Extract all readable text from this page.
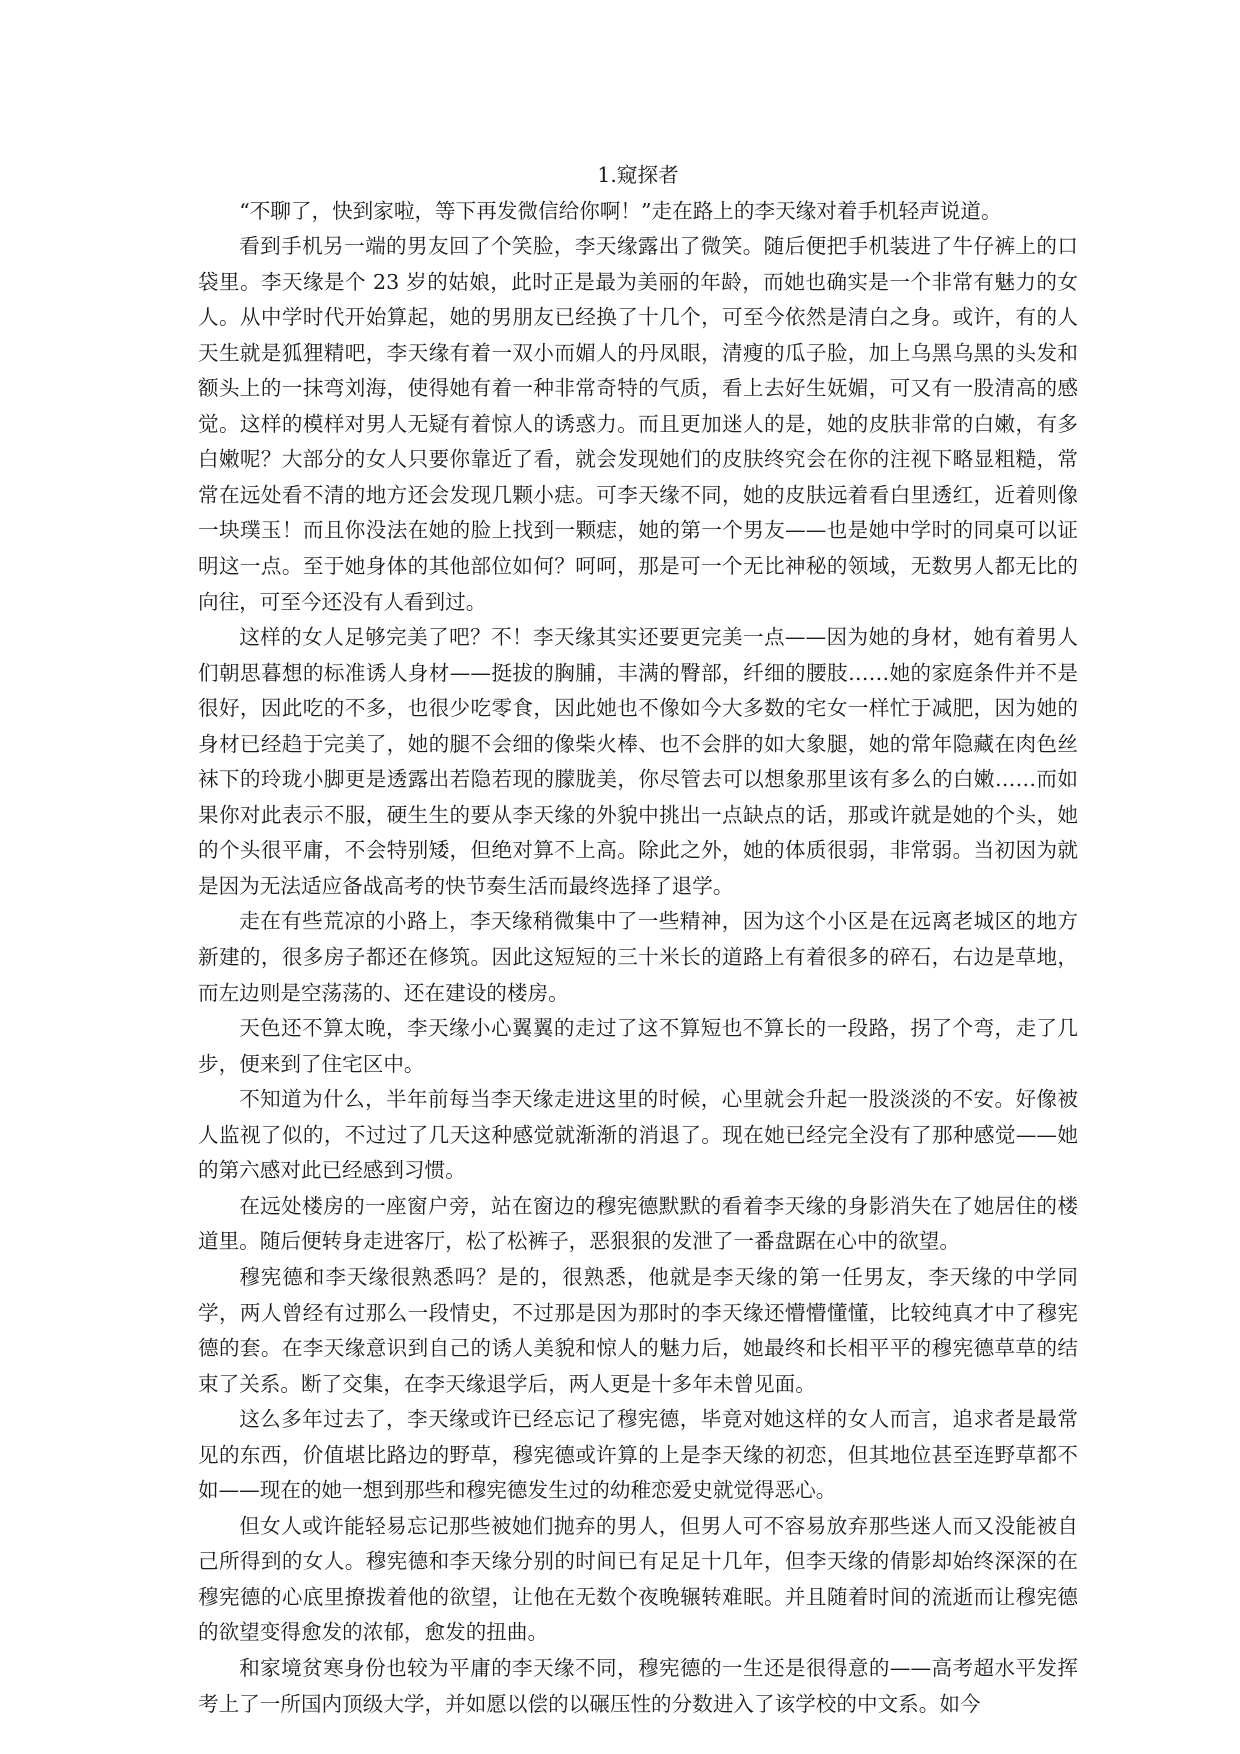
1.窥探者

“不聊了，快到家啦，等下再发微信给你啊！”走在路上的李天缘对着手机轻声说道。

看到手机另一端的男友回了个笑脸，李天缘露出了微笑。随后便把手机装进了牛仔裤上的口袋里。李天缘是个 23 岁的姑娘，此时正是最为美丽的年龄，而她也确实是一个非常有魅力的女人。从中学时代开始算起，她的男朋友已经换了十几个，可至今依然是清白之身。或许，有的人天生就是狐狸精吧，李天缘有着一双小而媚人的丹凤眼，清瘦的瓜子脸，加上乌黑乌黑的头发和额头上的一抹弯刘海，使得她有着一种非常奇特的气质，看上去好生妩媚，可又有一股清高的感觉。这样的模样对男人无疑有着惊人的诱惑力。而且更加迷人的是，她的皮肤非常的白嫩，有多白嫩呢？大部分的女人只要你靠近了看，就会发现她们的皮肤终究会在你的注视下略显粗糙，常常在远处看不清的地方还会发现几颗小痣。可李天缘不同，她的皮肤远着看白里透红，近着则像一块璞玉！而且你没法在她的脸上找到一颗痣，她的第一个男友——也是她中学时的同桌可以证明这一点。至于她身体的其他部位如何？呵呵，那是可一个无比神秘的领域，无数男人都无比的向往，可至今还没有人看到过。

这样的女人足够完美了吧？不！李天缘其实还要更完美一点——因为她的身材，她有着男人们朝思暮想的标准诱人身材——挺拔的胸脯，丰满的臀部，纤细的腰肢……她的家庭条件并不是很好，因此吃的不多，也很少吃零食，因此她也不像如今大多数的宅女一样忙于减肥，因为她的身材已经趋于完美了，她的腿不会细的像柴火棒、也不会胖的如大象腿，她的常年隐藏在肉色丝袜下的玲珑小脚更是透露出若隐若现的朦胧美，你尽管去可以想象那里该有多么的白嫩……而如果你对此表示不服，硬生生的要从李天缘的外貌中挑出一点缺点的话，那或许就是她的个头，她的个头很平庸，不会特别矮，但绝对算不上高。除此之外，她的体质很弱，非常弱。当初因为就是因为无法适应备战高考的快节奏生活而最终选择了退学。

走在有些荒凉的小路上，李天缘稍微集中了一些精神，因为这个小区是在远离老城区的地方新建的，很多房子都还在修筑。因此这短短的三十米长的道路上有着很多的碎石，右边是草地，而左边则是空荡荡的、还在建设的楼房。

天色还不算太晚，李天缘小心翼翼的走过了这不算短也不算长的一段路，拐了个弯，走了几步，便来到了住宅区中。

不知道为什么，半年前每当李天缘走进这里的时候，心里就会升起一股淡淡的不安。好像被人监视了似的，不过过了几天这种感觉就渐渐的消退了。现在她已经完全没有了那种感觉——她的第六感对此已经感到习惯。

在远处楼房的一座窗户旁，站在窗边的穆宪德默默的看着李天缘的身影消失在了她居住的楼道里。随后便转身走进客厅，松了松裤子，恶狠狠的发泄了一番盘踞在心中的欲望。

穆宪德和李天缘很熟悉吗？是的，很熟悉，他就是李天缘的第一任男友，李天缘的中学同学，两人曾经有过那么一段情史，不过那是因为那时的李天缘还懵懵懂懂，比较纯真才中了穆宪德的套。在李天缘意识到自己的诱人美貌和惊人的魅力后，她最终和长相平平的穆宪德草草的结束了关系。断了交集，在李天缘退学后，两人更是十多年未曾见面。

这么多年过去了，李天缘或许已经忘记了穆宪德，毕竟对她这样的女人而言，追求者是最常见的东西，价值堪比路边的野草，穆宪德或许算的上是李天缘的初恋，但其地位甚至连野草都不如——现在的她一想到那些和穆宪德发生过的幼稚恋爱史就觉得恶心。

但女人或许能轻易忘记那些被她们抛弃的男人，但男人可不容易放弃那些迷人而又没能被自己所得到的女人。穆宪德和李天缘分别的时间已有足足十几年，但李天缘的倩影却始终深深的在穆宪德的心底里撩拨着他的欲望，让他在无数个夜晚辗转难眠。并且随着时间的流逝而让穆宪德的欲望变得愈发的浓郁，愈发的扭曲。

和家境贫寒身份也较为平庸的李天缘不同，穆宪德的一生还是很得意的——高考超水平发挥考上了一所国内顶级大学，并如愿以偿的以碾压性的分数进入了该学校的中文系。如今
